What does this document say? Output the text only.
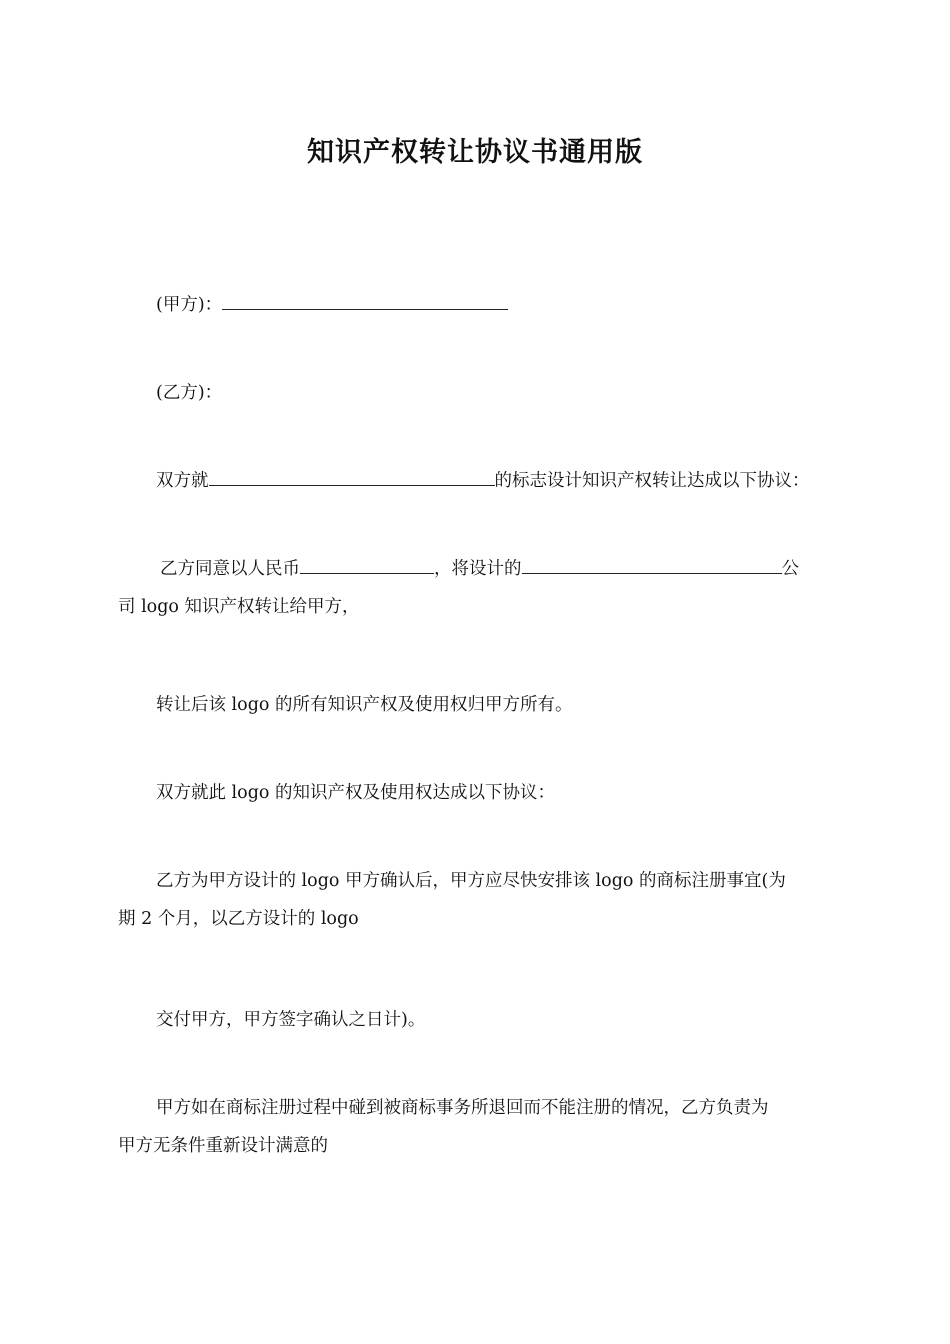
知识产权转让协议书通用版
(甲方)：
(乙方)：
双方就	的标志设计知识产权转让达成以下协议：
乙方同意以人民币	，将设计的	公
司 logo 知识产权转让给甲方，
转让后该 logo 的所有知识产权及使用权归甲方所有。
双方就此 logo 的知识产权及使用权达成以下协议：
乙方为甲方设计的 logo 甲方确认后，甲方应尽快安排该 logo 的商标注册事宜(为
期 2 个月，以乙方设计的 logo
交付甲方，甲方签字确认之日计)。
甲方如在商标注册过程中碰到被商标事务所退回而不能注册的情况，乙方负责为
甲方无条件重新设计满意的
